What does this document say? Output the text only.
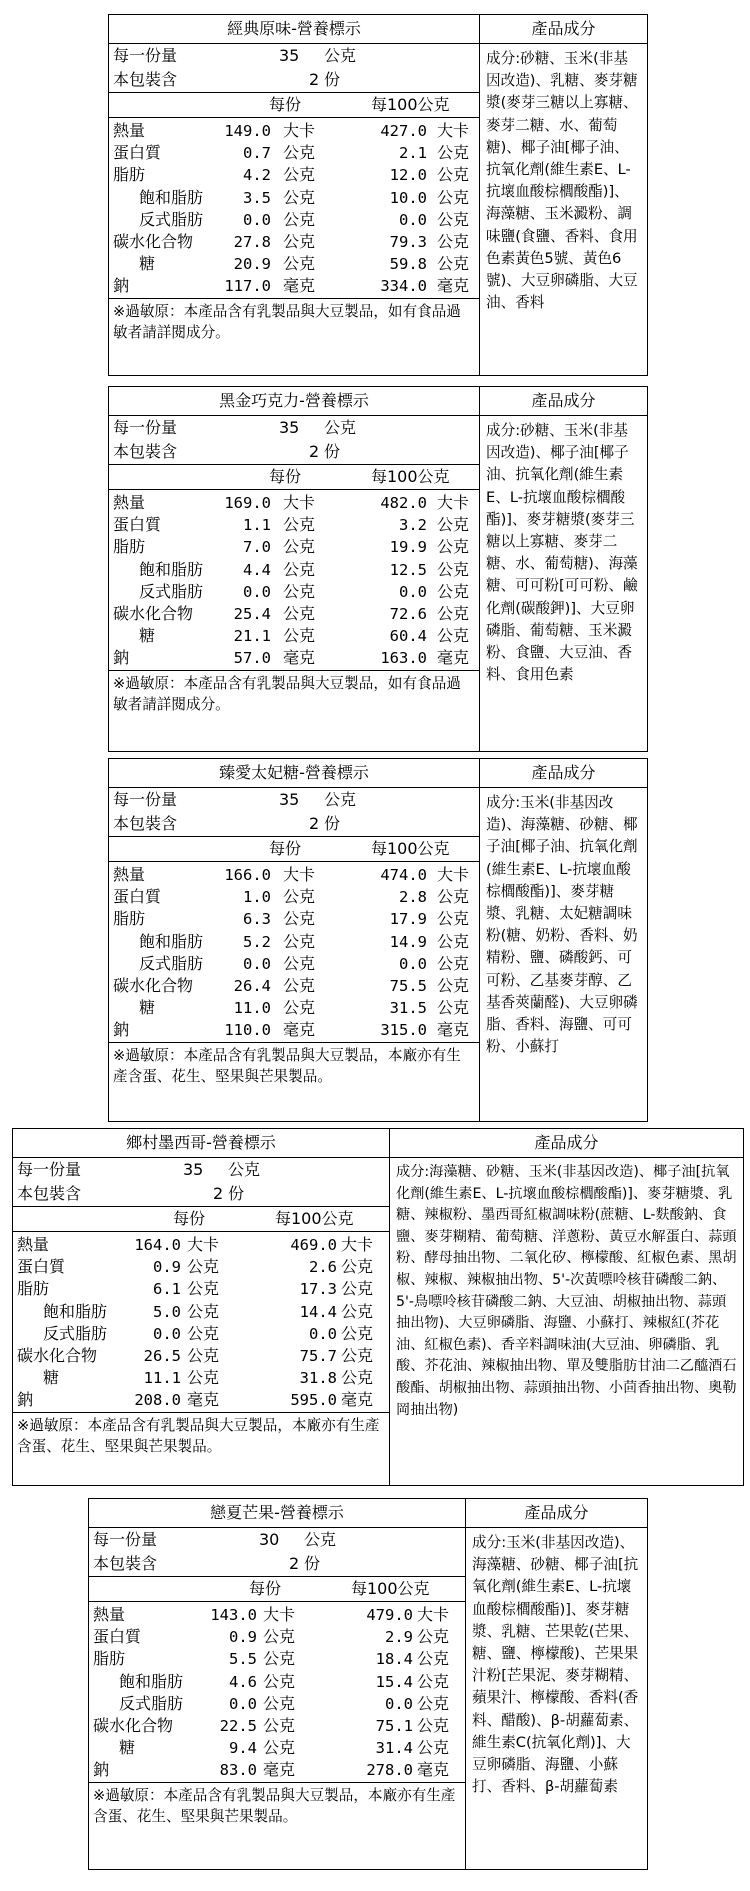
經典原味-營養標示
每一份量	35 公克
本包裝含	2 份
每份	每100公克
熱量	149.0 大卡	427.0 大卡
蛋白質	0.7 公克	2.1 公克
脂肪	4.2 公克	12.0 公克
飽和脂肪	3.5 公克	10.0 公克
反式脂肪	0.0 公克	0.0 公克
碳水化合物	27.8 公克	79.3 公克
糖	20.9 公克	59.8 公克
鈉	117.0 毫克	334.0 毫克
※過敏原：本產品含有乳製品與大豆製品，如有食品過敏者請詳閱成分。
產品成分
成分:砂糖、玉米(非基因改造)、乳糖、麥芽糖漿(麥芽三糖以上寡糖、麥芽二糖、水、葡萄糖)、椰子油[椰子油、抗氧化劑(維生素E、L-抗壞血酸棕櫚酸酯)]、海藻糖、玉米澱粉、調味鹽(食鹽、香料、食用色素黃色5號、黃色6號)、大豆卵磷脂、大豆油、香料
黑金巧克力-營養標示
每一份量	35 公克
本包裝含	2 份
每份	每100公克
熱量	169.0 大卡	482.0 大卡
蛋白質	1.1 公克	3.2 公克
脂肪	7.0 公克	19.9 公克
飽和脂肪	4.4 公克	12.5 公克
反式脂肪	0.0 公克	0.0 公克
碳水化合物	25.4 公克	72.6 公克
糖	21.1 公克	60.4 公克
鈉	57.0 毫克	163.0 毫克
※過敏原：本產品含有乳製品與大豆製品，如有食品過敏者請詳閱成分。
產品成分
成分:砂糖、玉米(非基因改造)、椰子油[椰子油、抗氧化劑(維生素E、L-抗壞血酸棕櫚酸酯)]、麥芽糖漿(麥芽三糖以上寡糖、麥芽二糖、水、葡萄糖)、海藻糖、可可粉[可可粉、鹼化劑(碳酸鉀)]、大豆卵磷脂、葡萄糖、玉米澱粉、食鹽、大豆油、香料、食用色素
臻愛太妃糖-營養標示
每一份量	35 公克
本包裝含	2 份
每份	每100公克
熱量	166.0 大卡	474.0 大卡
蛋白質	1.0 公克	2.8 公克
脂肪	6.3 公克	17.9 公克
飽和脂肪	5.2 公克	14.9 公克
反式脂肪	0.0 公克	0.0 公克
碳水化合物	26.4 公克	75.5 公克
糖	11.0 公克	31.5 公克
鈉	110.0 毫克	315.0 毫克
※過敏原：本產品含有乳製品與大豆製品，本廠亦有生產含蛋、花生、堅果與芒果製品。
產品成分
成分:玉米(非基因改造)、海藻糖、砂糖、椰子油[椰子油、抗氧化劑(維生素E、L-抗壞血酸棕櫚酸酯)]、麥芽糖漿、乳糖、太妃糖調味粉(糖、奶粉、香料、奶精粉、鹽、磷酸鈣、可可粉、乙基麥芽醇、乙基香莢蘭醛)、大豆卵磷脂、香料、海鹽、可可粉、小蘇打
鄉村墨西哥-營養標示
每一份量	35 公克
本包裝含	2 份
每份	每100公克
熱量	164.0 大卡	469.0 大卡
蛋白質	0.9 公克	2.6 公克
脂肪	6.1 公克	17.3 公克
飽和脂肪	5.0 公克	14.4 公克
反式脂肪	0.0 公克	0.0 公克
碳水化合物	26.5 公克	75.7 公克
糖	11.1 公克	31.8 公克
鈉	208.0 毫克	595.0 毫克
※過敏原：本產品含有乳製品與大豆製品，本廠亦有生產含蛋、花生、堅果與芒果製品。
產品成分
成分:海藻糖、砂糖、玉米(非基因改造)、椰子油[抗氧化劑(維生素E、L-抗壞血酸棕櫚酸酯)]、麥芽糖漿、乳糖、辣椒粉、墨西哥紅椒調味粉(蔗糖、L-麩酸鈉、食鹽、麥芽糊精、葡萄糖、洋蔥粉、黃豆水解蛋白、蒜頭粉、酵母抽出物、二氧化矽、檸檬酸、紅椒色素、黑胡椒、辣椒、辣椒抽出物、5'-次黃嘌呤核苷磷酸二鈉、5'-鳥嘌呤核苷磷酸二鈉、大豆油、胡椒抽出物、蒜頭抽出物)、大豆卵磷脂、海鹽、小蘇打、辣椒紅(芥花油、紅椒色素)、香辛料調味油(大豆油、卵磷脂、乳酸、芥花油、辣椒抽出物、單及雙脂肪甘油二乙醯酒石酸酯、胡椒抽出物、蒜頭抽出物、小茴香抽出物、奧勒岡抽出物)
戀夏芒果-營養標示
每一份量	30 公克
本包裝含	2 份
每份	每100公克
熱量	143.0 大卡	479.0 大卡
蛋白質	0.9 公克	2.9 公克
脂肪	5.5 公克	18.4 公克
飽和脂肪	4.6 公克	15.4 公克
反式脂肪	0.0 公克	0.0 公克
碳水化合物	22.5 公克	75.1 公克
糖	9.4 公克	31.4 公克
鈉	83.0 毫克	278.0 毫克
※過敏原：本產品含有乳製品與大豆製品，本廠亦有生產含蛋、花生、堅果與芒果製品。
產品成分
成分:玉米(非基因改造)、海藻糖、砂糖、椰子油[抗氧化劑(維生素E、L-抗壞血酸棕櫚酸酯)]、麥芽糖漿、乳糖、芒果乾(芒果、糖、鹽、檸檬酸)、芒果果汁粉[芒果泥、麥芽糊精、蘋果汁、檸檬酸、香料(香料、醋酸)、β-胡蘿蔔素、維生素C(抗氧化劑)]、大豆卵磷脂、海鹽、小蘇打、香料、β-胡蘿蔔素
